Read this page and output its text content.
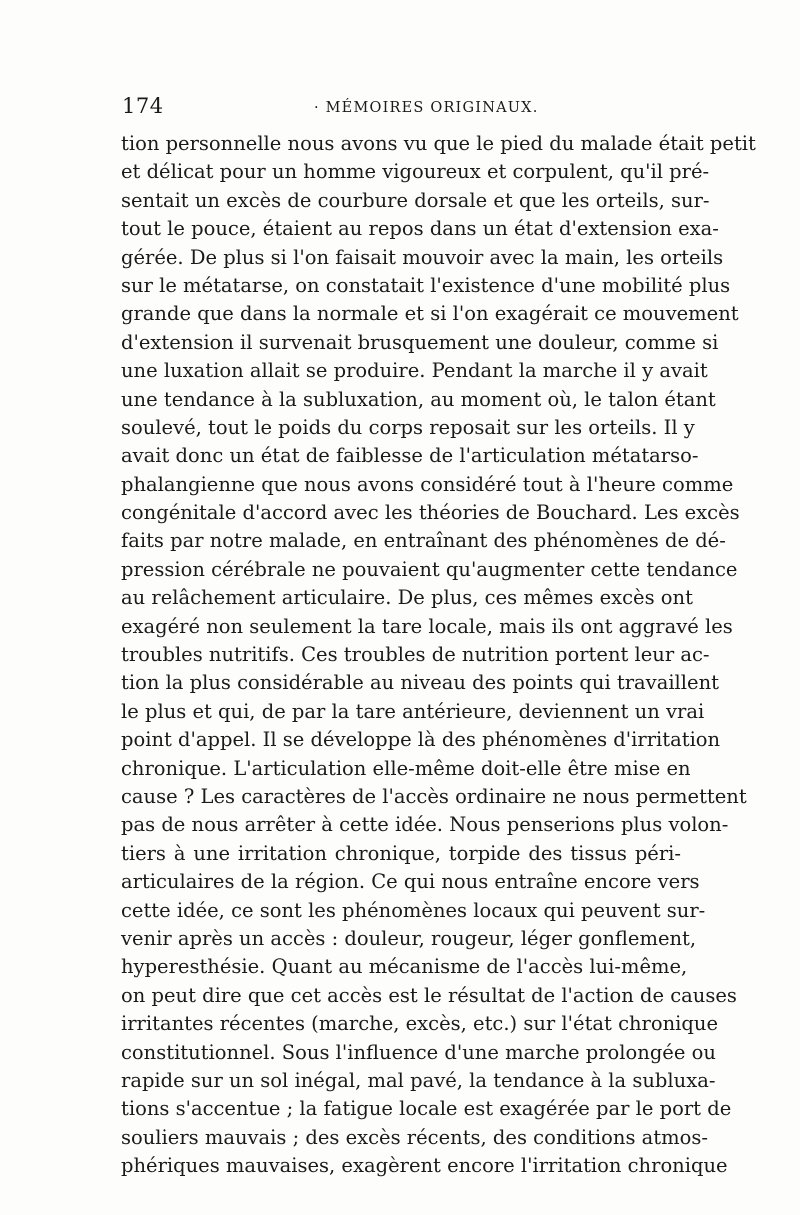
174	· MÉMOIRES ORIGINAUX.
tion personnelle nous avons vu que le pied du malade était petit
et délicat pour un homme vigoureux et corpulent, qu'il pré-
sentait un excès de courbure dorsale et que les orteils, sur-
tout le pouce, étaient au repos dans un état d'extension exa-
gérée. De plus si l'on faisait mouvoir avec la main, les orteils
sur le métatarse, on constatait l'existence d'une mobilité plus
grande que dans la normale et si l'on exagérait ce mouvement
d'extension il survenait brusquement une douleur, comme si
une luxation allait se produire. Pendant la marche il y avait
une tendance à la subluxation, au moment où, le talon étant
soulevé, tout le poids du corps reposait sur les orteils. Il y
avait donc un état de faiblesse de l'articulation métatarso-
phalangienne que nous avons considéré tout à l'heure comme
congénitale d'accord avec les théories de Bouchard. Les excès
faits par notre malade, en entraînant des phénomènes de dé-
pression cérébrale ne pouvaient qu'augmenter cette tendance
au relâchement articulaire. De plus, ces mêmes excès ont
exagéré non seulement la tare locale, mais ils ont aggravé les
troubles nutritifs. Ces troubles de nutrition portent leur ac-
tion la plus considérable au niveau des points qui travaillent
le plus et qui, de par la tare antérieure, deviennent un vrai
point d'appel. Il se développe là des phénomènes d'irritation
chronique. L'articulation elle-même doit-elle être mise en
cause ? Les caractères de l'accès ordinaire ne nous permettent
pas de nous arrêter à cette idée. Nous penserions plus volon-
tiers à une irritation chronique, torpide des tissus péri-
articulaires de la région. Ce qui nous entraîne encore vers
cette idée, ce sont les phénomènes locaux qui peuvent sur-
venir après un accès : douleur, rougeur, léger gonflement,
hyperesthésie. Quant au mécanisme de l'accès lui-même,
on peut dire que cet accès est le résultat de l'action de causes
irritantes récentes (marche, excès, etc.) sur l'état chronique
constitutionnel. Sous l'influence d'une marche prolongée ou
rapide sur un sol inégal, mal pavé, la tendance à la subluxa-
tions s'accentue ; la fatigue locale est exagérée par le port de
souliers mauvais ; des excès récents, des conditions atmos-
phériques mauvaises, exagèrent encore l'irritation chronique
